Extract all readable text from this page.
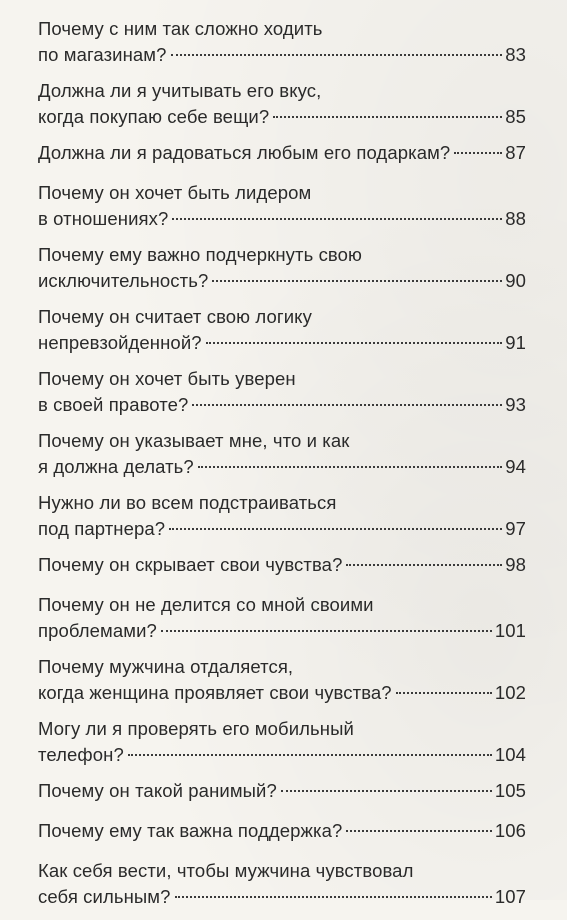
Почему с ним так сложно ходить
по магазинам?	83
Должна ли я учитывать его вкус,
когда покупаю себе вещи?	85
Должна ли я радоваться любым его подаркам?	87
Почему он хочет быть лидером
в отношениях?	88
Почему ему важно подчеркнуть свою
исключительность?	90
Почему он считает свою логику
непревзойденной?	91
Почему он хочет быть уверен
в своей правоте?	93
Почему он указывает мне, что и как
я должна делать?	94
Нужно ли во всем подстраиваться
под партнера?	97
Почему он скрывает свои чувства?	98
Почему он не делится со мной своими
проблемами?	101
Почему мужчина отдаляется,
когда женщина проявляет свои чувства?	102
Могу ли я проверять его мобильный
телефон?	104
Почему он такой ранимый?	105
Почему ему так важна поддержка?	106
Как себя вести, чтобы мужчина чувствовал
себя сильным?	107
